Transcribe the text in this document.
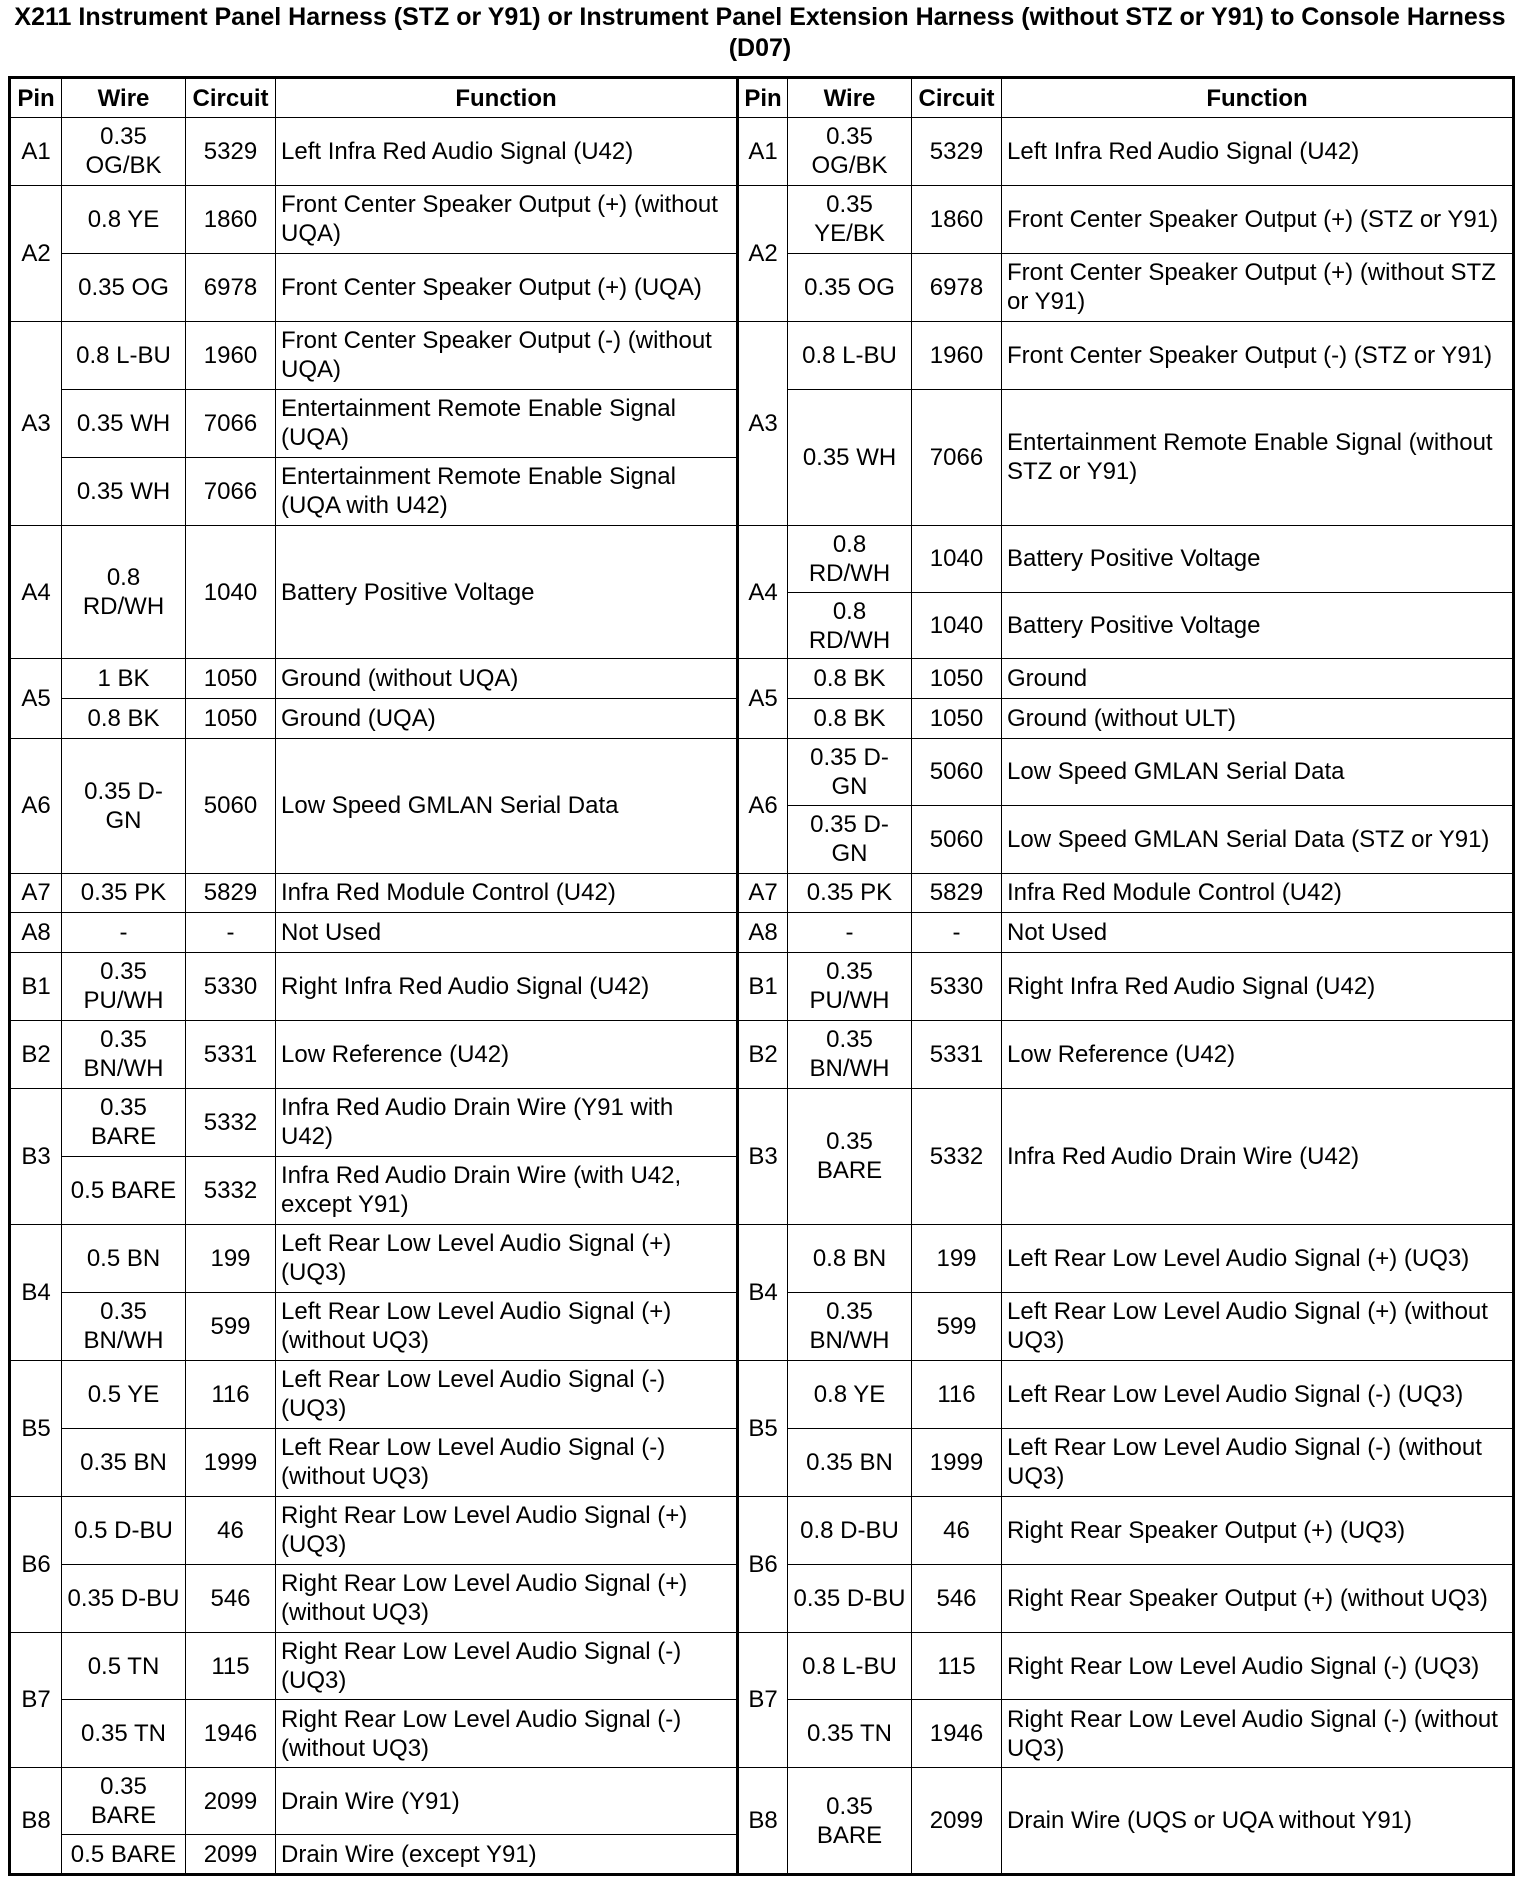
X211 Instrument Panel Harness (STZ or Y91) or Instrument Panel Extension Harness (without STZ or Y91) to Console Harness
(D07)
Pin	Wire	Circuit	Function	Pin	Wire	Circuit	Function
A1	0.35 OG/BK	5329	Left Infra Red Audio Signal (U42)	A1	0.35 OG/BK	5329	Left Infra Red Audio Signal (U42)
A2	0.8 YE	1860	Front Center Speaker Output (+) (without UQA)	A2	0.35 YE/BK	1860	Front Center Speaker Output (+) (STZ or Y91)
	0.35 OG	6978	Front Center Speaker Output (+) (UQA)		0.35 OG	6978	Front Center Speaker Output (+) (without STZ or Y91)
A3	0.8 L-BU	1960	Front Center Speaker Output (-) (without UQA)	A3	0.8 L-BU	1960	Front Center Speaker Output (-) (STZ or Y91)
	0.35 WH	7066	Entertainment Remote Enable Signal (UQA)		0.35 WH	7066	Entertainment Remote Enable Signal (without STZ or Y91)
	0.35 WH	7066	Entertainment Remote Enable Signal (UQA with U42)				
A4	0.8 RD/WH	1040	Battery Positive Voltage	A4	0.8 RD/WH	1040	Battery Positive Voltage
					0.8 RD/WH	1040	Battery Positive Voltage
A5	1 BK	1050	Ground (without UQA)	A5	0.8 BK	1050	Ground
	0.8 BK	1050	Ground (UQA)		0.8 BK	1050	Ground (without ULT)
A6	0.35 D-GN	5060	Low Speed GMLAN Serial Data	A6	0.35 D-GN	5060	Low Speed GMLAN Serial Data
					0.35 D-GN	5060	Low Speed GMLAN Serial Data (STZ or Y91)
A7	0.35 PK	5829	Infra Red Module Control (U42)	A7	0.35 PK	5829	Infra Red Module Control (U42)
A8	-	-	Not Used	A8	-	-	Not Used
B1	0.35 PU/WH	5330	Right Infra Red Audio Signal (U42)	B1	0.35 PU/WH	5330	Right Infra Red Audio Signal (U42)
B2	0.35 BN/WH	5331	Low Reference (U42)	B2	0.35 BN/WH	5331	Low Reference (U42)
B3	0.35 BARE	5332	Infra Red Audio Drain Wire (Y91 with U42)	B3	0.35 BARE	5332	Infra Red Audio Drain Wire (U42)
	0.5 BARE	5332	Infra Red Audio Drain Wire (with U42, except Y91)				
B4	0.5 BN	199	Left Rear Low Level Audio Signal (+) (UQ3)	B4	0.8 BN	199	Left Rear Low Level Audio Signal (+) (UQ3)
	0.35 BN/WH	599	Left Rear Low Level Audio Signal (+) (without UQ3)		0.35 BN/WH	599	Left Rear Low Level Audio Signal (+) (without UQ3)
B5	0.5 YE	116	Left Rear Low Level Audio Signal (-) (UQ3)	B5	0.8 YE	116	Left Rear Low Level Audio Signal (-) (UQ3)
	0.35 BN	1999	Left Rear Low Level Audio Signal (-) (without UQ3)		0.35 BN	1999	Left Rear Low Level Audio Signal (-) (without UQ3)
B6	0.5 D-BU	46	Right Rear Low Level Audio Signal (+) (UQ3)	B6	0.8 D-BU	46	Right Rear Speaker Output (+) (UQ3)
	0.35 D-BU	546	Right Rear Low Level Audio Signal (+) (without UQ3)		0.35 D-BU	546	Right Rear Speaker Output (+) (without UQ3)
B7	0.5 TN	115	Right Rear Low Level Audio Signal (-) (UQ3)	B7	0.8 L-BU	115	Right Rear Low Level Audio Signal (-) (UQ3)
	0.35 TN	1946	Right Rear Low Level Audio Signal (-) (without UQ3)		0.35 TN	1946	Right Rear Low Level Audio Signal (-) (without UQ3)
B8	0.35 BARE	2099	Drain Wire (Y91)	B8	0.35 BARE	2099	Drain Wire (UQS or UQA without Y91)
	0.5 BARE	2099	Drain Wire (except Y91)				
